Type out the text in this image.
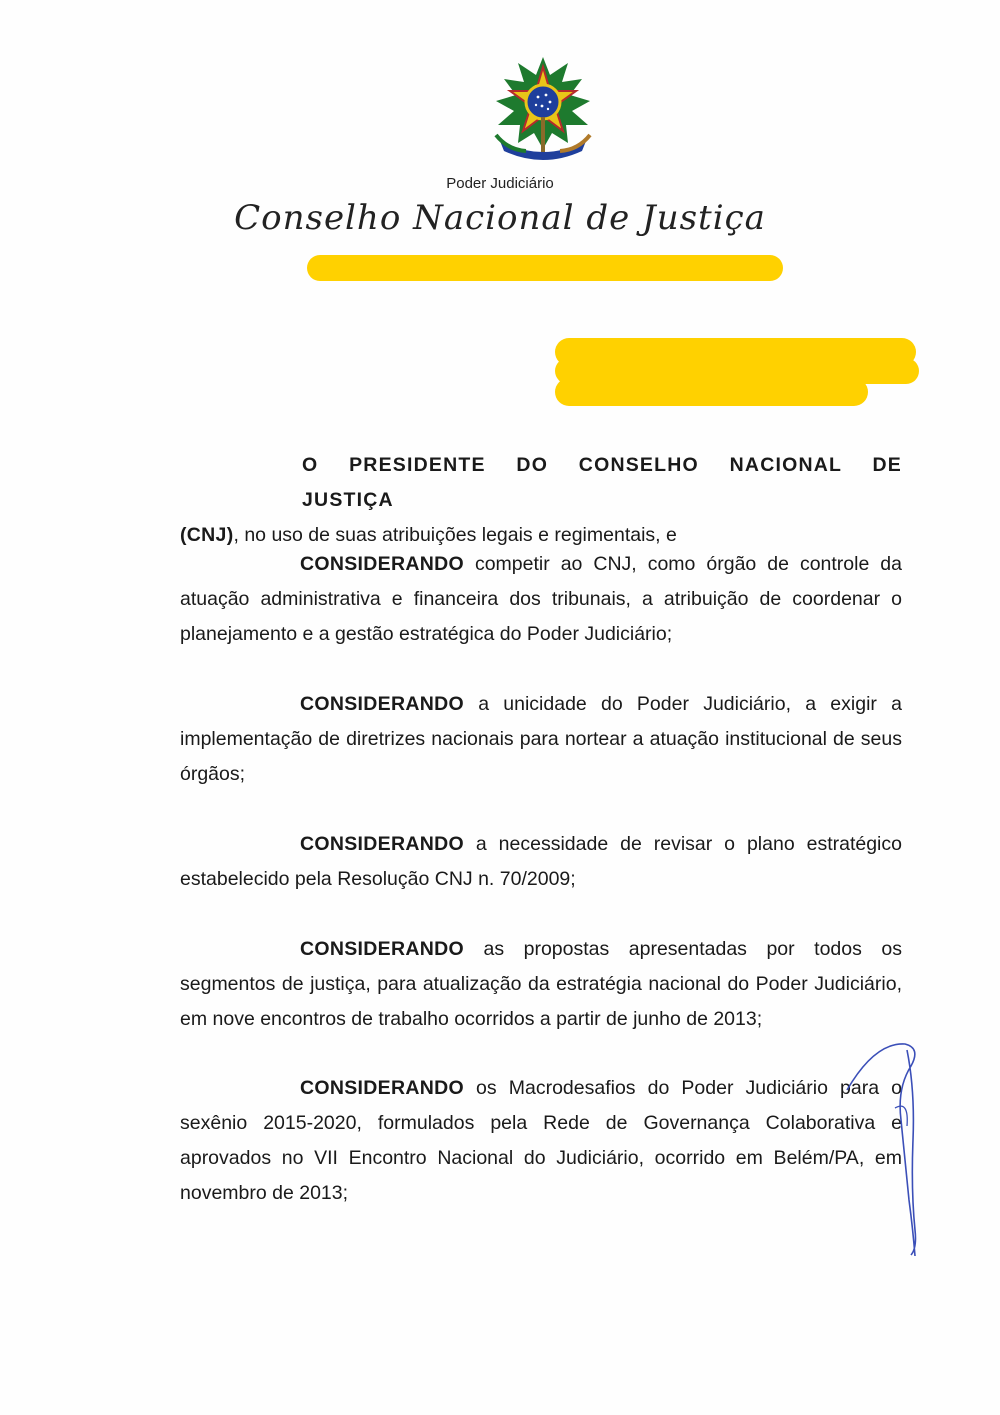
Poder Judiciário
Conselho Nacional de Justiça
O PRESIDENTE DO CONSELHO NACIONAL DE JUSTIÇA
(CNJ), no uso de suas atribuições legais e regimentais, e
CONSIDERANDO competir ao CNJ, como órgão de controle da atuação administrativa e financeira dos tribunais, a atribuição de coordenar o planejamento e a gestão estratégica do Poder Judiciário;
CONSIDERANDO a unicidade do Poder Judiciário, a exigir a implementação de diretrizes nacionais para nortear a atuação institucional de seus órgãos;
CONSIDERANDO a necessidade de revisar o plano estratégico estabelecido pela Resolução CNJ n. 70/2009;
CONSIDERANDO as propostas apresentadas por todos os segmentos de justiça, para atualização da estratégia nacional do Poder Judiciário, em nove encontros de trabalho ocorridos a partir de junho de 2013;
CONSIDERANDO os Macrodesafios do Poder Judiciário para o sexênio 2015-2020, formulados pela Rede de Governança Colaborativa e aprovados no VII Encontro Nacional do Judiciário, ocorrido em Belém/PA, em novembro de 2013;
